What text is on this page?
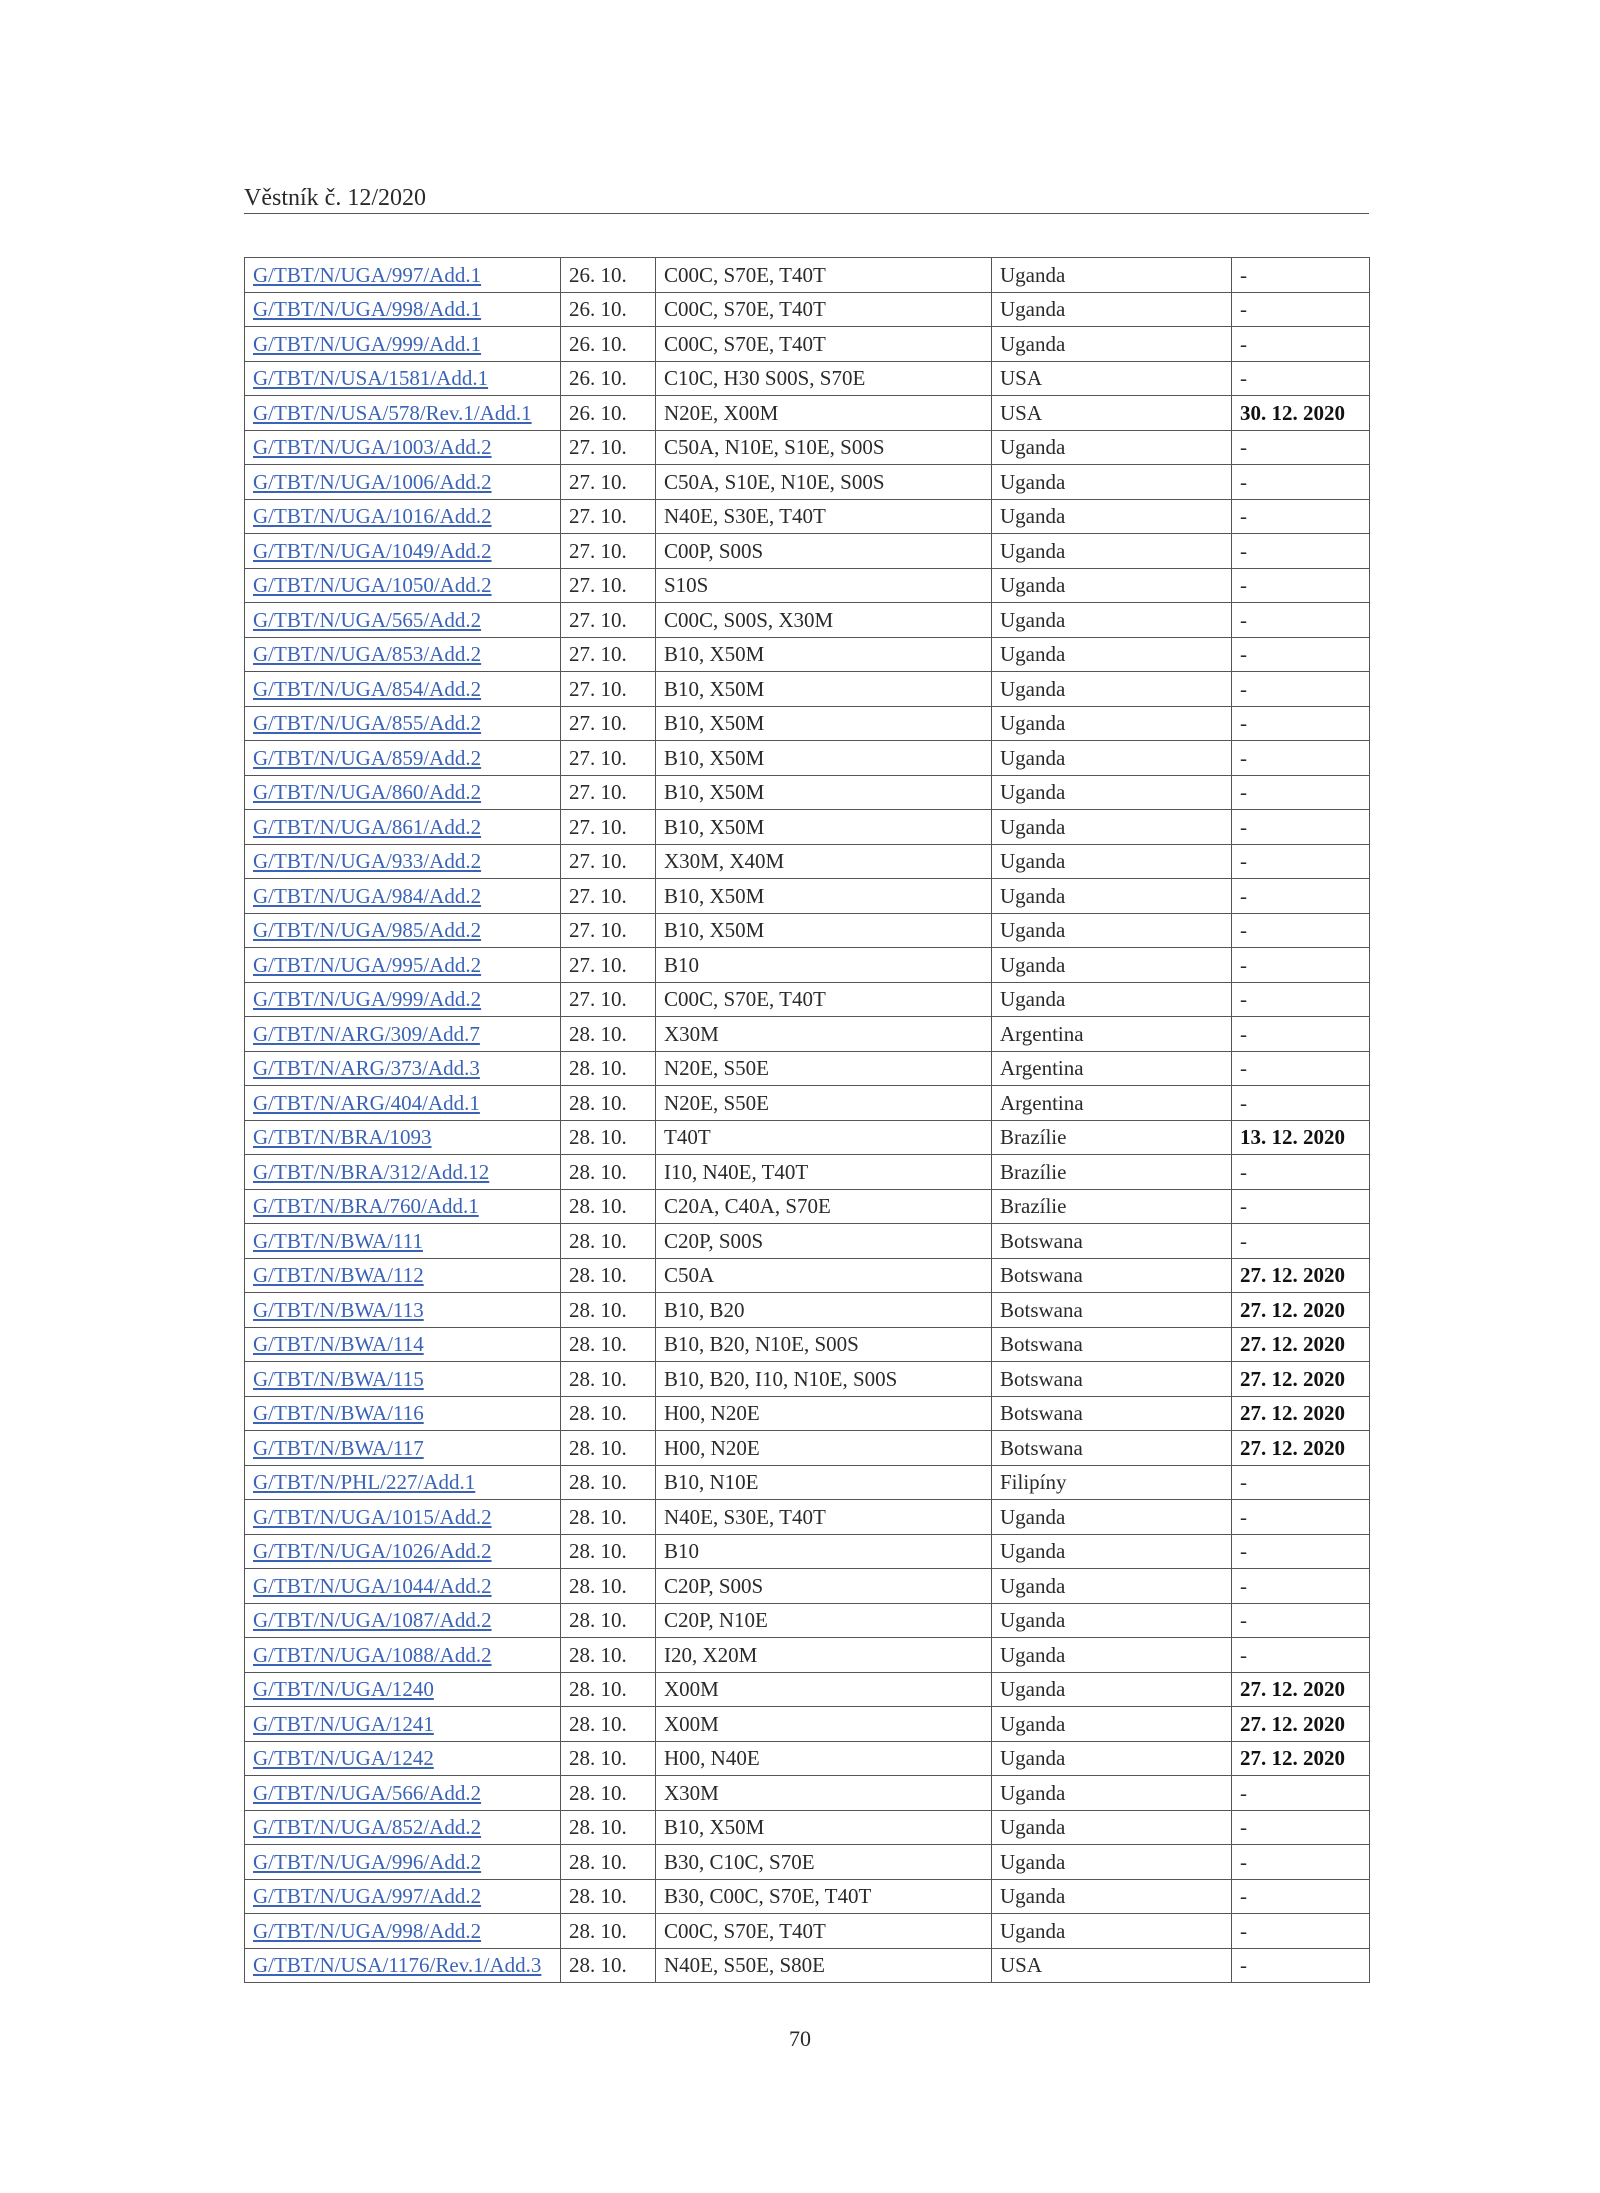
Věstník č. 12/2020
G/TBT/N/UGA/997/Add.1	26. 10.	C00C, S70E, T40T	Uganda	-
G/TBT/N/UGA/998/Add.1	26. 10.	C00C, S70E, T40T	Uganda	-
G/TBT/N/UGA/999/Add.1	26. 10.	C00C, S70E, T40T	Uganda	-
G/TBT/N/USA/1581/Add.1	26. 10.	C10C, H30 S00S, S70E	USA	-
G/TBT/N/USA/578/Rev.1/Add.1	26. 10.	N20E, X00M	USA	30. 12. 2020
G/TBT/N/UGA/1003/Add.2	27. 10.	C50A, N10E, S10E, S00S	Uganda	-
G/TBT/N/UGA/1006/Add.2	27. 10.	C50A, S10E, N10E, S00S	Uganda	-
G/TBT/N/UGA/1016/Add.2	27. 10.	N40E, S30E, T40T	Uganda	-
G/TBT/N/UGA/1049/Add.2	27. 10.	C00P, S00S	Uganda	-
G/TBT/N/UGA/1050/Add.2	27. 10.	S10S	Uganda	-
G/TBT/N/UGA/565/Add.2	27. 10.	C00C, S00S, X30M	Uganda	-
G/TBT/N/UGA/853/Add.2	27. 10.	B10, X50M	Uganda	-
G/TBT/N/UGA/854/Add.2	27. 10.	B10, X50M	Uganda	-
G/TBT/N/UGA/855/Add.2	27. 10.	B10, X50M	Uganda	-
G/TBT/N/UGA/859/Add.2	27. 10.	B10, X50M	Uganda	-
G/TBT/N/UGA/860/Add.2	27. 10.	B10, X50M	Uganda	-
G/TBT/N/UGA/861/Add.2	27. 10.	B10, X50M	Uganda	-
G/TBT/N/UGA/933/Add.2	27. 10.	X30M, X40M	Uganda	-
G/TBT/N/UGA/984/Add.2	27. 10.	B10, X50M	Uganda	-
G/TBT/N/UGA/985/Add.2	27. 10.	B10, X50M	Uganda	-
G/TBT/N/UGA/995/Add.2	27. 10.	B10	Uganda	-
G/TBT/N/UGA/999/Add.2	27. 10.	C00C, S70E, T40T	Uganda	-
G/TBT/N/ARG/309/Add.7	28. 10.	X30M	Argentina	-
G/TBT/N/ARG/373/Add.3	28. 10.	N20E, S50E	Argentina	-
G/TBT/N/ARG/404/Add.1	28. 10.	N20E, S50E	Argentina	-
G/TBT/N/BRA/1093	28. 10.	T40T	Brazílie	13. 12. 2020
G/TBT/N/BRA/312/Add.12	28. 10.	I10, N40E, T40T	Brazílie	-
G/TBT/N/BRA/760/Add.1	28. 10.	C20A, C40A, S70E	Brazílie	-
G/TBT/N/BWA/111	28. 10.	C20P, S00S	Botswana	-
G/TBT/N/BWA/112	28. 10.	C50A	Botswana	27. 12. 2020
G/TBT/N/BWA/113	28. 10.	B10, B20	Botswana	27. 12. 2020
G/TBT/N/BWA/114	28. 10.	B10, B20, N10E, S00S	Botswana	27. 12. 2020
G/TBT/N/BWA/115	28. 10.	B10, B20, I10, N10E, S00S	Botswana	27. 12. 2020
G/TBT/N/BWA/116	28. 10.	H00, N20E	Botswana	27. 12. 2020
G/TBT/N/BWA/117	28. 10.	H00, N20E	Botswana	27. 12. 2020
G/TBT/N/PHL/227/Add.1	28. 10.	B10, N10E	Filipíny	-
G/TBT/N/UGA/1015/Add.2	28. 10.	N40E, S30E, T40T	Uganda	-
G/TBT/N/UGA/1026/Add.2	28. 10.	B10	Uganda	-
G/TBT/N/UGA/1044/Add.2	28. 10.	C20P, S00S	Uganda	-
G/TBT/N/UGA/1087/Add.2	28. 10.	C20P, N10E	Uganda	-
G/TBT/N/UGA/1088/Add.2	28. 10.	I20, X20M	Uganda	-
G/TBT/N/UGA/1240	28. 10.	X00M	Uganda	27. 12. 2020
G/TBT/N/UGA/1241	28. 10.	X00M	Uganda	27. 12. 2020
G/TBT/N/UGA/1242	28. 10.	H00, N40E	Uganda	27. 12. 2020
G/TBT/N/UGA/566/Add.2	28. 10.	X30M	Uganda	-
G/TBT/N/UGA/852/Add.2	28. 10.	B10, X50M	Uganda	-
G/TBT/N/UGA/996/Add.2	28. 10.	B30, C10C, S70E	Uganda	-
G/TBT/N/UGA/997/Add.2	28. 10.	B30, C00C, S70E, T40T	Uganda	-
G/TBT/N/UGA/998/Add.2	28. 10.	C00C, S70E, T40T	Uganda	-
G/TBT/N/USA/1176/Rev.1/Add.3	28. 10.	N40E, S50E, S80E	USA	-
70
